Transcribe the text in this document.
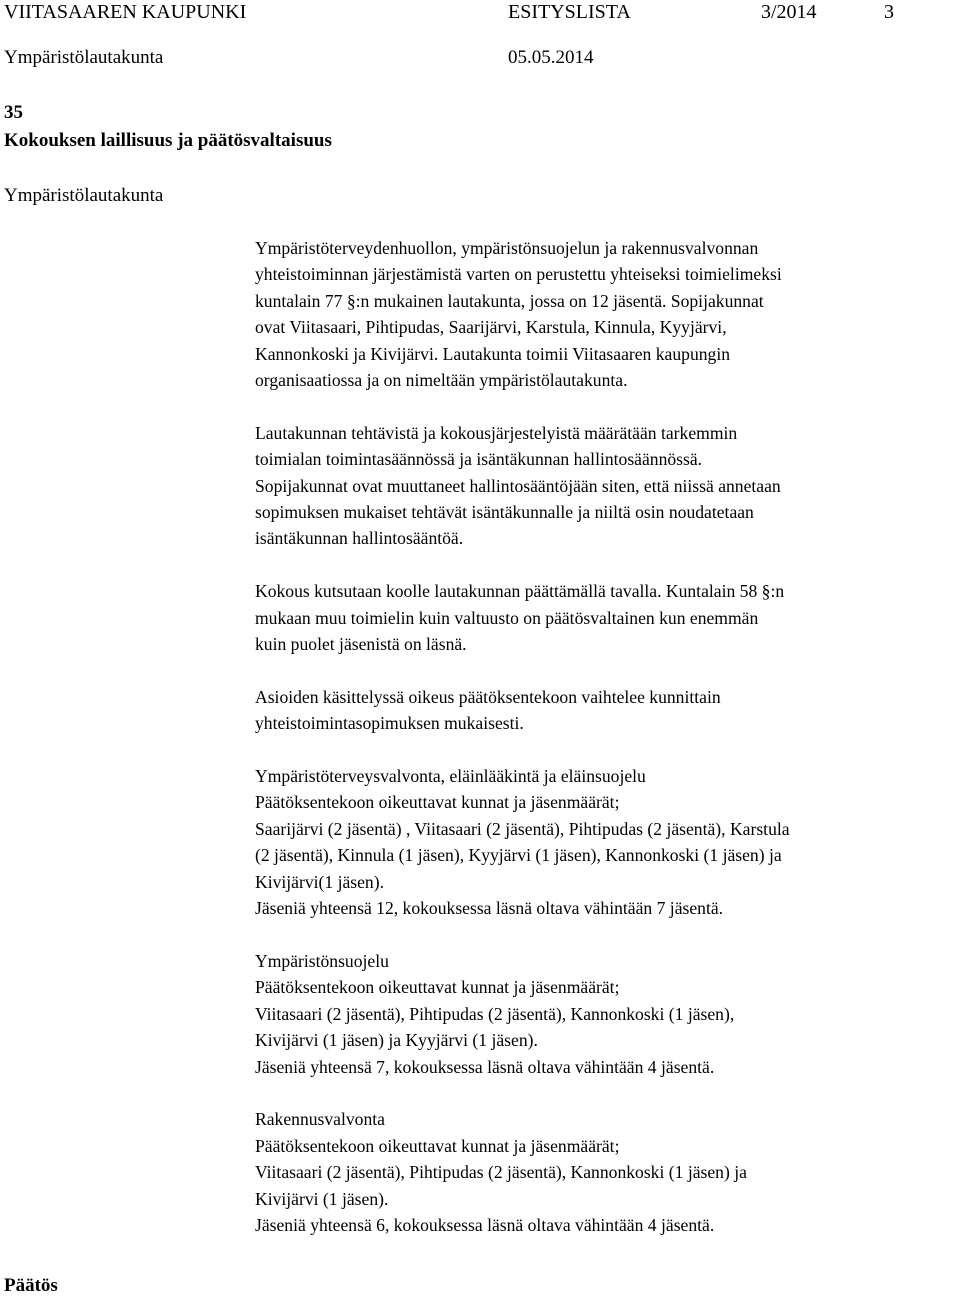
VIITASAAREN KAUPUNKI	ESITYSLISTA	3/2014	3
Ympäristölautakunta	05.05.2014
35
Kokouksen laillisuus ja päätösvaltaisuus
Ympäristölautakunta

Ympäristöterveydenhuollon, ympäristönsuojelun ja rakennusvalvonnan
yhteistoiminnan järjestämistä varten on perustettu yhteiseksi toimielimeksi
kuntalain 77 §:n mukainen lautakunta, jossa on 12 jäsentä. Sopijakunnat
ovat Viitasaari, Pihtipudas, Saarijärvi, Karstula, Kinnula, Kyyjärvi,
Kannonkoski ja Kivijärvi. Lautakunta toimii Viitasaaren kaupungin
organisaatiossa ja on nimeltään ympäristölautakunta.

Lautakunnan tehtävistä ja kokousjärjestelyistä määrätään tarkemmin
toimialan toimintasäännössä ja isäntäkunnan hallintosäännössä.
Sopijakunnat ovat muuttaneet hallintosääntöjään siten, että niissä annetaan
sopimuksen mukaiset tehtävät isäntäkunnalle ja niiltä osin noudatetaan
isäntäkunnan hallintosääntöä.

Kokous kutsutaan koolle lautakunnan päättämällä tavalla. Kuntalain 58 §:n
mukaan muu toimielin kuin valtuusto on päätösvaltainen kun enemmän
kuin puolet jäsenistä on läsnä.

Asioiden käsittelyssä oikeus päätöksentekoon vaihtelee kunnittain
yhteistoimintasopimuksen mukaisesti.

Ympäristöterveysvalvonta, eläinlääkintä ja eläinsuojelu
Päätöksentekoon oikeuttavat kunnat ja jäsenmäärät;
Saarijärvi (2 jäsentä) , Viitasaari (2 jäsentä), Pihtipudas (2 jäsentä), Karstula
(2 jäsentä), Kinnula (1 jäsen), Kyyjärvi (1 jäsen), Kannonkoski (1 jäsen) ja
Kivijärvi(1 jäsen).
Jäseniä yhteensä 12, kokouksessa läsnä oltava vähintään 7 jäsentä.

Ympäristönsuojelu
Päätöksentekoon oikeuttavat kunnat ja jäsenmäärät;
Viitasaari (2 jäsentä), Pihtipudas (2 jäsentä), Kannonkoski (1 jäsen),
Kivijärvi (1 jäsen) ja Kyyjärvi (1 jäsen).
Jäseniä yhteensä 7, kokouksessa läsnä oltava vähintään 4 jäsentä.

Rakennusvalvonta
Päätöksentekoon oikeuttavat kunnat ja jäsenmäärät;
Viitasaari (2 jäsentä), Pihtipudas (2 jäsentä), Kannonkoski (1 jäsen) ja
Kivijärvi (1 jäsen).
Jäseniä yhteensä 6, kokouksessa läsnä oltava vähintään 4 jäsentä.

Päätös
